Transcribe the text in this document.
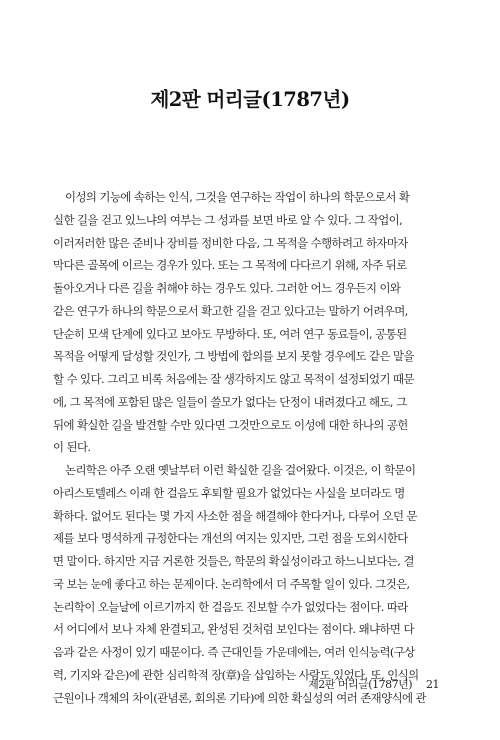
제2판 머리글(1787년)

이성의 기능에 속하는 인식, 그것을 연구하는 작업이 하나의 학문으로서 확
실한 길을 걷고 있느냐의 여부는 그 성과를 보면 바로 알 수 있다. 그 작업이,
이러저러한 많은 준비나 장비를 정비한 다음, 그 목적을 수행하려고 하자마자
막다른 골목에 이르는 경우가 있다. 또는 그 목적에 다다르기 위해, 자주 뒤로
돌아오거나 다른 길을 취해야 하는 경우도 있다. 그러한 어느 경우든지 이와
같은 연구가 하나의 학문으로서 확고한 길을 걷고 있다고는 말하기 어려우며,
단순히 모색 단계에 있다고 보아도 무방하다. 또, 여러 연구 동료들이, 공통된
목적을 어떻게 달성할 것인가, 그 방법에 합의를 보지 못할 경우에도 같은 말을
할 수 있다. 그리고 비록 처음에는 잘 생각하지도 않고 목적이 설정되었기 때문
에, 그 목적에 포함된 많은 일들이 쓸모가 없다는 단정이 내려졌다고 해도, 그
뒤에 확실한 길을 발견할 수만 있다면 그것만으로도 이성에 대한 하나의 공헌
이 된다.

논리학은 아주 오랜 옛날부터 이런 확실한 길을 걸어왔다. 이것은, 이 학문이
아리스토텔레스 이래 한 걸음도 후퇴할 필요가 없었다는 사실을 보더라도 명
확하다. 없어도 된다는 몇 가지 사소한 점을 해결해야 한다거나, 다루어 오던 문
제를 보다 명석하게 규정한다는 개선의 여지는 있지만, 그런 점을 도외시한다
면 말이다. 하지만 지금 거론한 것들은, 학문의 확실성이라고 하느니보다는, 결
국 보는 눈에 좋다고 하는 문제이다. 논리학에서 더 주목할 일이 있다. 그것은,
논리학이 오늘날에 이르기까지 한 걸음도 진보할 수가 없었다는 점이다. 따라
서 어디에서 보나 자체 완결되고, 완성된 것처럼 보인다는 점이다. 왜냐하면 다
음과 같은 사정이 있기 때문이다. 즉 근대인들 가운데에는, 여러 인식능력(구상
력, 기지와 같은)에 관한 심리학적 장(章)을 삽입하는 사람도 있었다. 또, 인식의
근원이나 객체의 차이(관념론, 회의론 기타)에 의한 확실성의 여러 존재양식에 관

제2판 머리글(1787년) 21
